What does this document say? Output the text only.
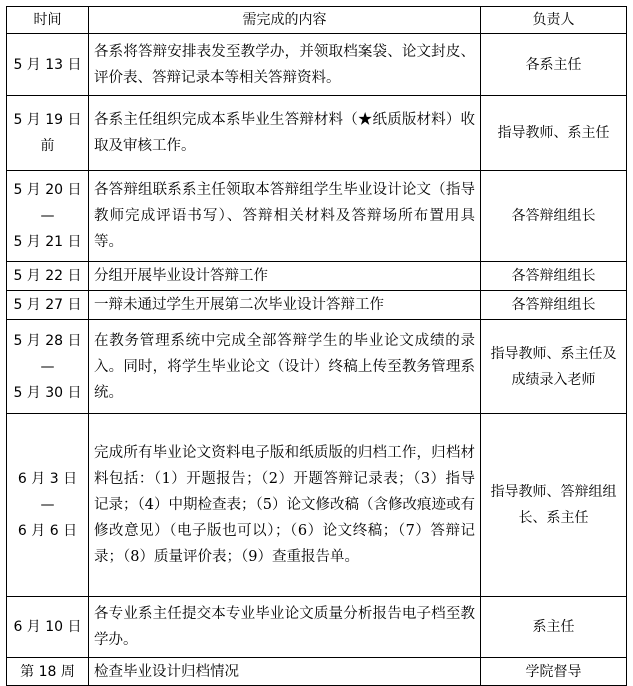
时间	需完成的内容	负责人

5 月 13 日	各系将答辩安排表发至教学办，并领取档案袋、论文封皮、评价表、答辩记录本等相关答辩资料。	各系主任

5 月 19 日
前	各系主任组织完成本系毕业生答辩材料（★纸质版材料）收取及审核工作。	指导教师、系主任

5 月 20 日
—
5 月 21 日	各答辩组联系系主任领取本答辩组学生毕业设计论文（指导教师完成评语书写）、答辩相关材料及答辩场所布置用具等。	各答辩组组长

5 月 22 日	分组开展毕业设计答辩工作	各答辩组组长

5 月 27 日	一辩未通过学生开展第二次毕业设计答辩工作	各答辩组组长

5 月 28 日
—
5 月 30 日	在教务管理系统中完成全部答辩学生的毕业论文成绩的录入。同时，将学生毕业论文（设计）终稿上传至教务管理系统。	指导教师、系主任及成绩录入老师

6 月 3 日
—
6 月 6 日	完成所有毕业论文资料电子版和纸质版的归档工作，归档材料包括：（1）开题报告；（2）开题答辩记录表；（3）指导记录；（4）中期检查表；（5）论文修改稿（含修改痕迹或有修改意见）（电子版也可以）；（6）论文终稿；（7）答辩记录；（8）质量评价表；（9）查重报告单。	指导教师、答辩组组长、系主任

6 月 10 日	各专业系主任提交本专业毕业论文质量分析报告电子档至教学办。	系主任

第 18 周	检查毕业设计归档情况	学院督导
